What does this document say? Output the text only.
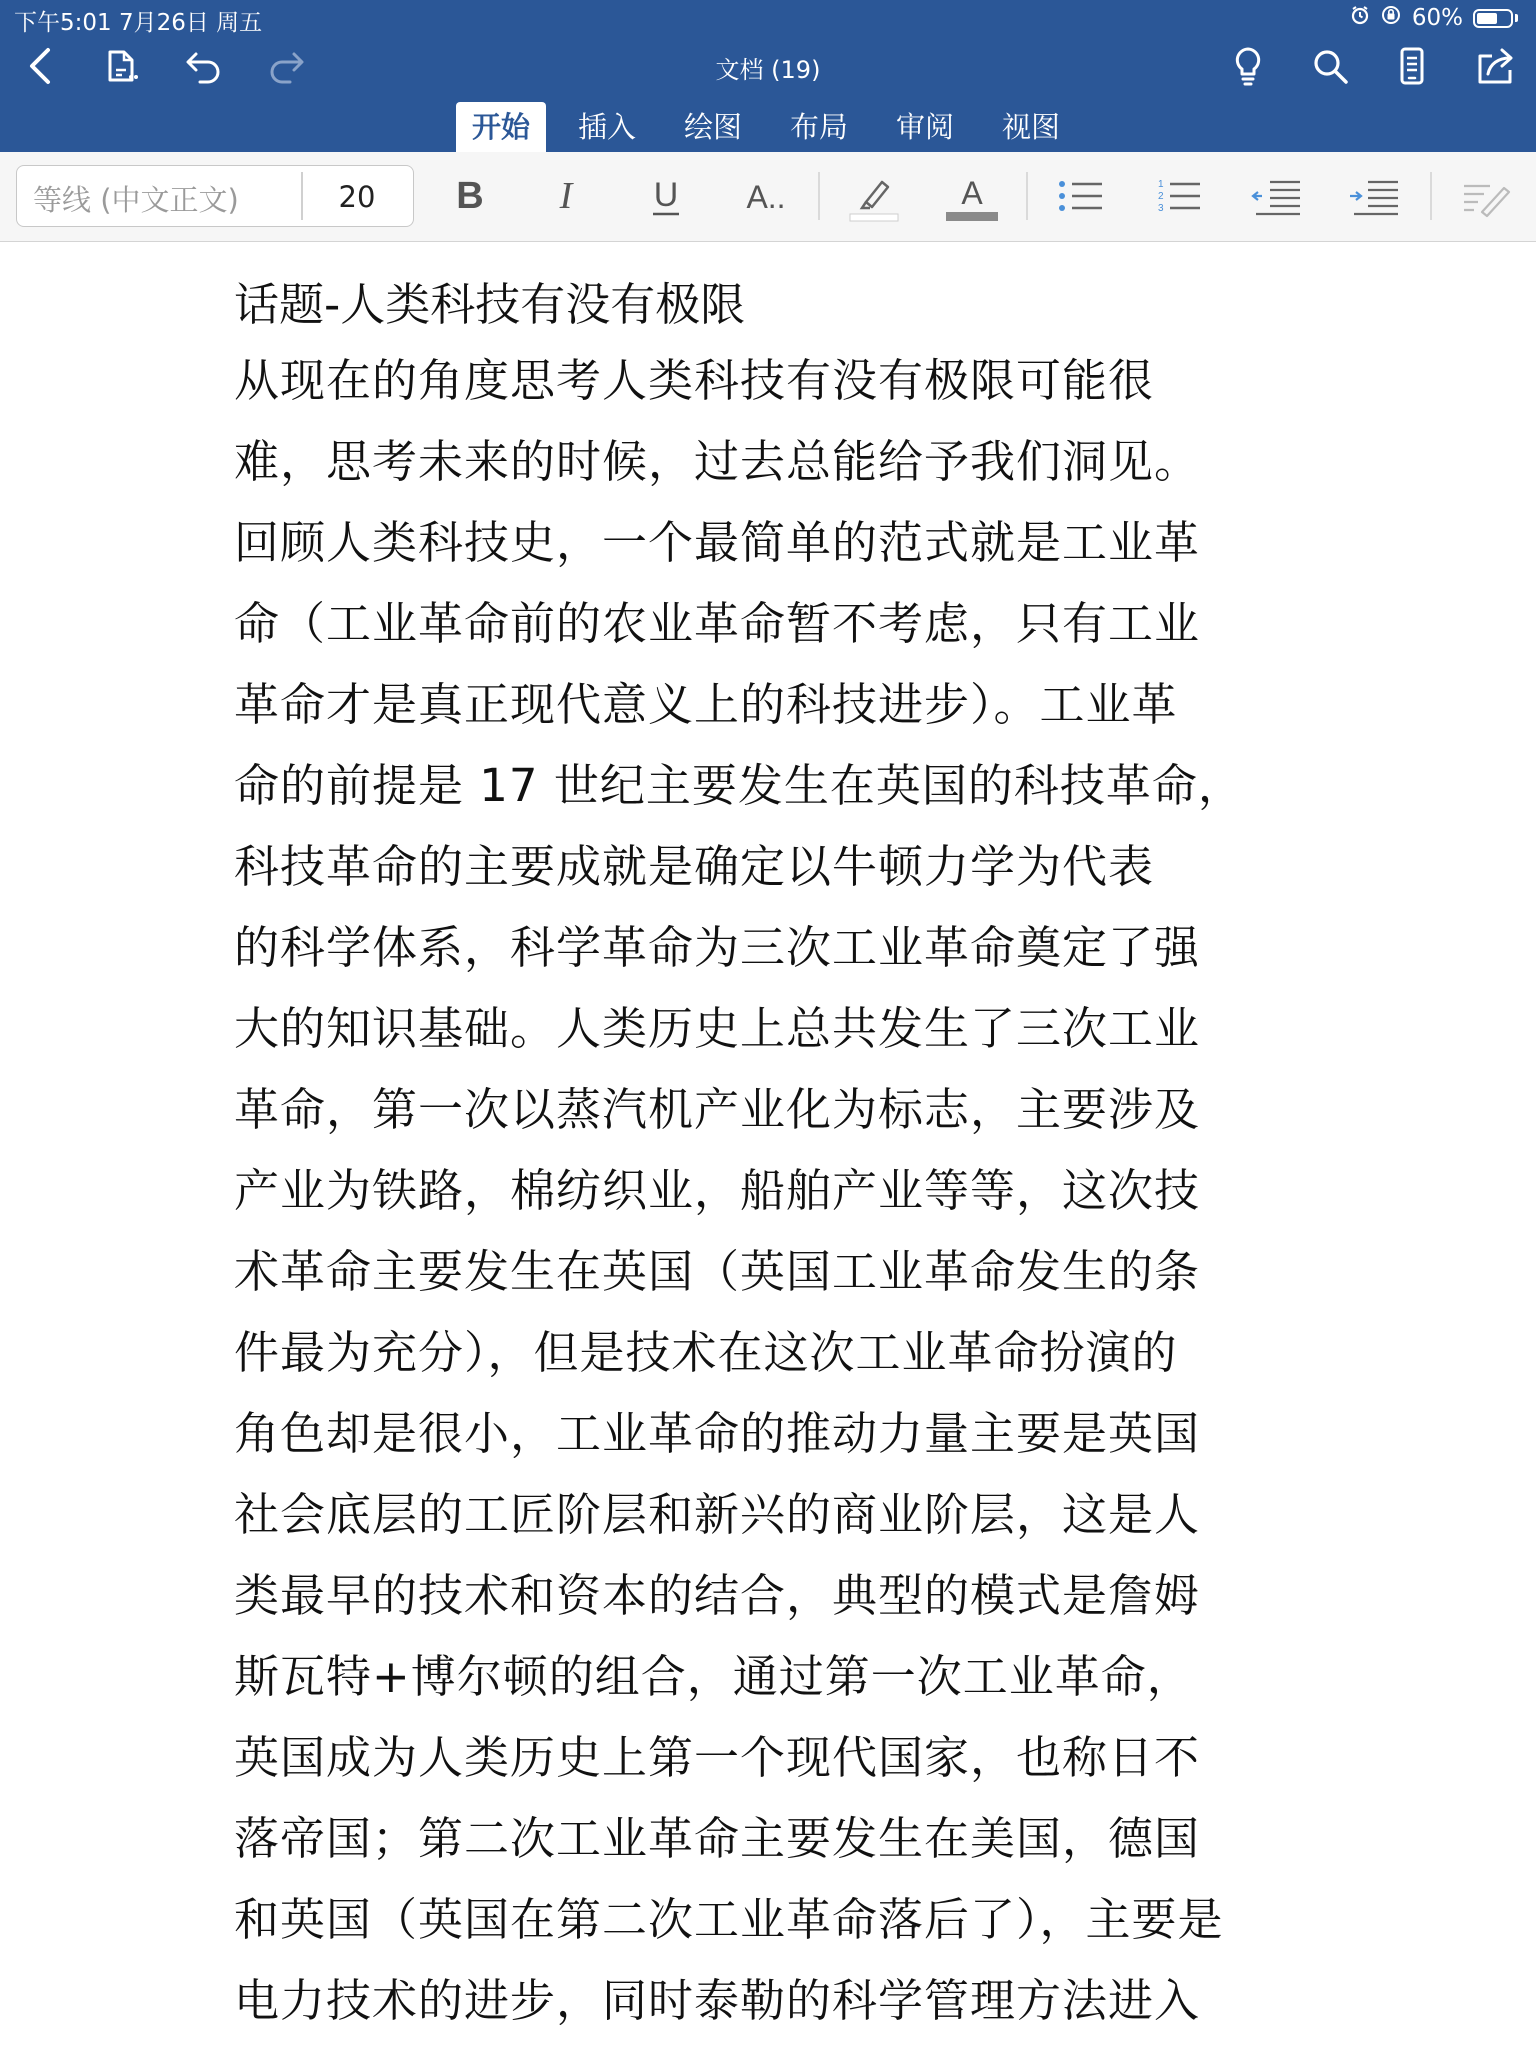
下午5:01 7月26日 周五	60%
文档 (19)
开始	插入	绘图	布局	审阅	视图
等线 (中文正文)	20	B I U A..	A	1
2
3
话题-人类科技有没有极限

从现在的角度思考人类科技有没有极限可能很

难，思考未来的时候，过去总能给予我们洞见。

回顾人类科技史，一个最简单的范式就是工业革

命（工业革命前的农业革命暂不考虑，只有工业

革命才是真正现代意义上的科技进步）。工业革

命的前提是 17 世纪主要发生在英国的科技革命，

科技革命的主要成就是确定以牛顿力学为代表

的科学体系，科学革命为三次工业革命奠定了强

大的知识基础。人类历史上总共发生了三次工业

革命，第一次以蒸汽机产业化为标志，主要涉及

产业为铁路，棉纺织业，船舶产业等等，这次技

术革命主要发生在英国（英国工业革命发生的条

件最为充分），但是技术在这次工业革命扮演的

角色却是很小，工业革命的推动力量主要是英国

社会底层的工匠阶层和新兴的商业阶层，这是人

类最早的技术和资本的结合，典型的模式是詹姆

斯瓦特+博尔顿的组合，通过第一次工业革命，

英国成为人类历史上第一个现代国家，也称日不

落帝国；第二次工业革命主要发生在美国，德国

和英国（英国在第二次工业革命落后了），主要是

电力技术的进步，同时泰勒的科学管理方法进入
